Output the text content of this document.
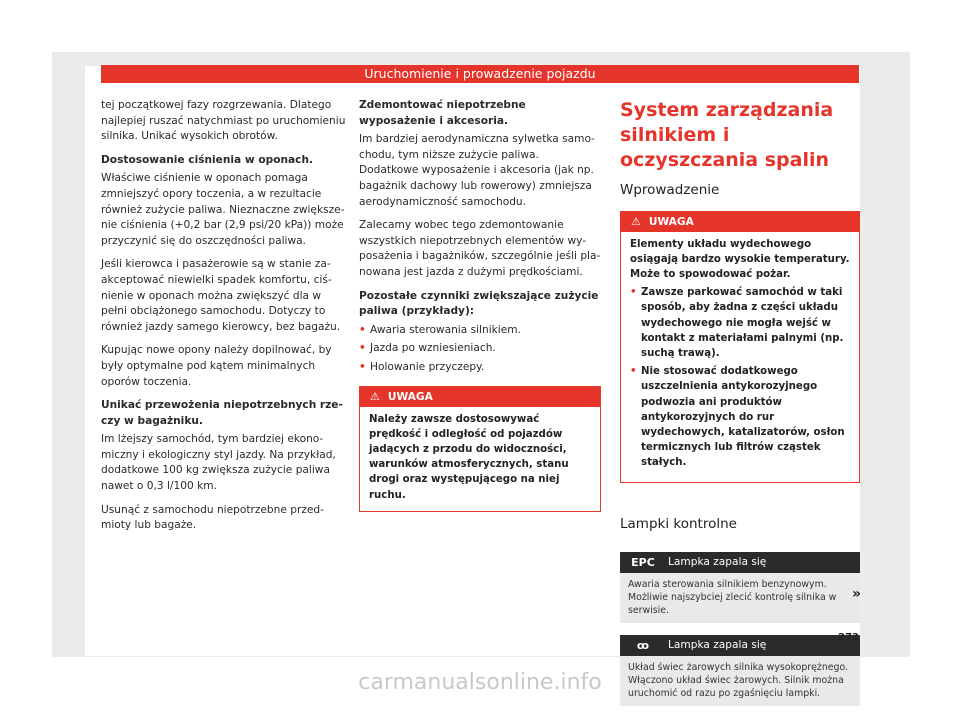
Uruchomienie i prowadzenie pojazdu

tej początkowej fazy rozgrzewania. Dlatego najlepiej ruszać natychmiast po uruchomieniu silnika. Unikać wysokich obrotów.

Dostosowanie ciśnienia w oponach.

Właściwe ciśnienie w oponach pomaga zmniejszyć opory toczenia, a w rezultacie również zużycie paliwa. Nieznaczne zwiększenie ciśnienia (+0,2 bar (2,9 psi/20 kPa)) może przyczynić się do oszczędności paliwa.

Jeśli kierowca i pasażerowie są w stanie zaakceptować niewielki spadek komfortu, ciśnienie w oponach można zwiększyć dla w pełni obciążonego samochodu. Dotyczy to również jazdy samego kierowcy, bez bagażu.

Kupując nowe opony należy dopilnować, by były optymalne pod kątem minimalnych oporów toczenia.

Unikać przewożenia niepotrzebnych rzeczy w bagażniku.

Im lżejszy samochód, tym bardziej ekonomiczny i ekologiczny styl jazdy. Na przykład, dodatkowe 100 kg zwiększa zużycie paliwa nawet o 0,3 l/100 km.

Usunąć z samochodu niepotrzebne przedmioty lub bagaże.

Zdemontować niepotrzebne wyposażenie i akcesoria.

Im bardziej aerodynamiczna sylwetka samochodu, tym niższe zużycie paliwa. Dodatkowe wyposażenie i akcesoria (jak np. bagażnik dachowy lub rowerowy) zmniejsza aerodynamiczność samochodu.

Zalecamy wobec tego zdemontowanie wszystkich niepotrzebnych elementów wyposażenia i bagażników, szczególnie jeśli planowana jest jazda z dużymi prędkościami.

Pozostałe czynniki zwiększające zużycie paliwa (przykłady):

• Awaria sterowania silnikiem.
• Jazda po wzniesieniach.
• Holowanie przyczepy.
⚠ UWAGA

Należy zawsze dostosowywać prędkość i odległość od pojazdów jadących z przodu do widoczności, warunków atmosferycznych, stanu drogi oraz występującego na niej ruchu.

System zarządzania silnikiem i oczyszczania spalin
Wprowadzenie
⚠ UWAGA

Elementy układu wydechowego osiągają bardzo wysokie temperatury. Może to spowodować pożar.

• Zawsze parkować samochód w taki sposób, aby żadna z części układu wydechowego nie mogła wejść w kontakt z materiałami palnymi (np. suchą trawą).
• Nie stosować dodatkowego uszczelnienia antykorozyjnego podwozia ani produktów antykorozyjnych do rur wydechowych, katalizatorów, osłon termicznych lub filtrów cząstek stałych.
Lampki kontrolne
EPC Lampka zapala się

Awaria sterowania silnikiem benzynowym. Możliwie najszybciej zlecić kontrolę silnika w serwisie.

ꝏ	Lampka zapala się

Układ świec żarowych silnika wysokoprężnego. Włączono układ świec żarowych. Silnik można uruchomić od razu po zgaśnięciu lampki.

»
273
carmanualsonline.info
